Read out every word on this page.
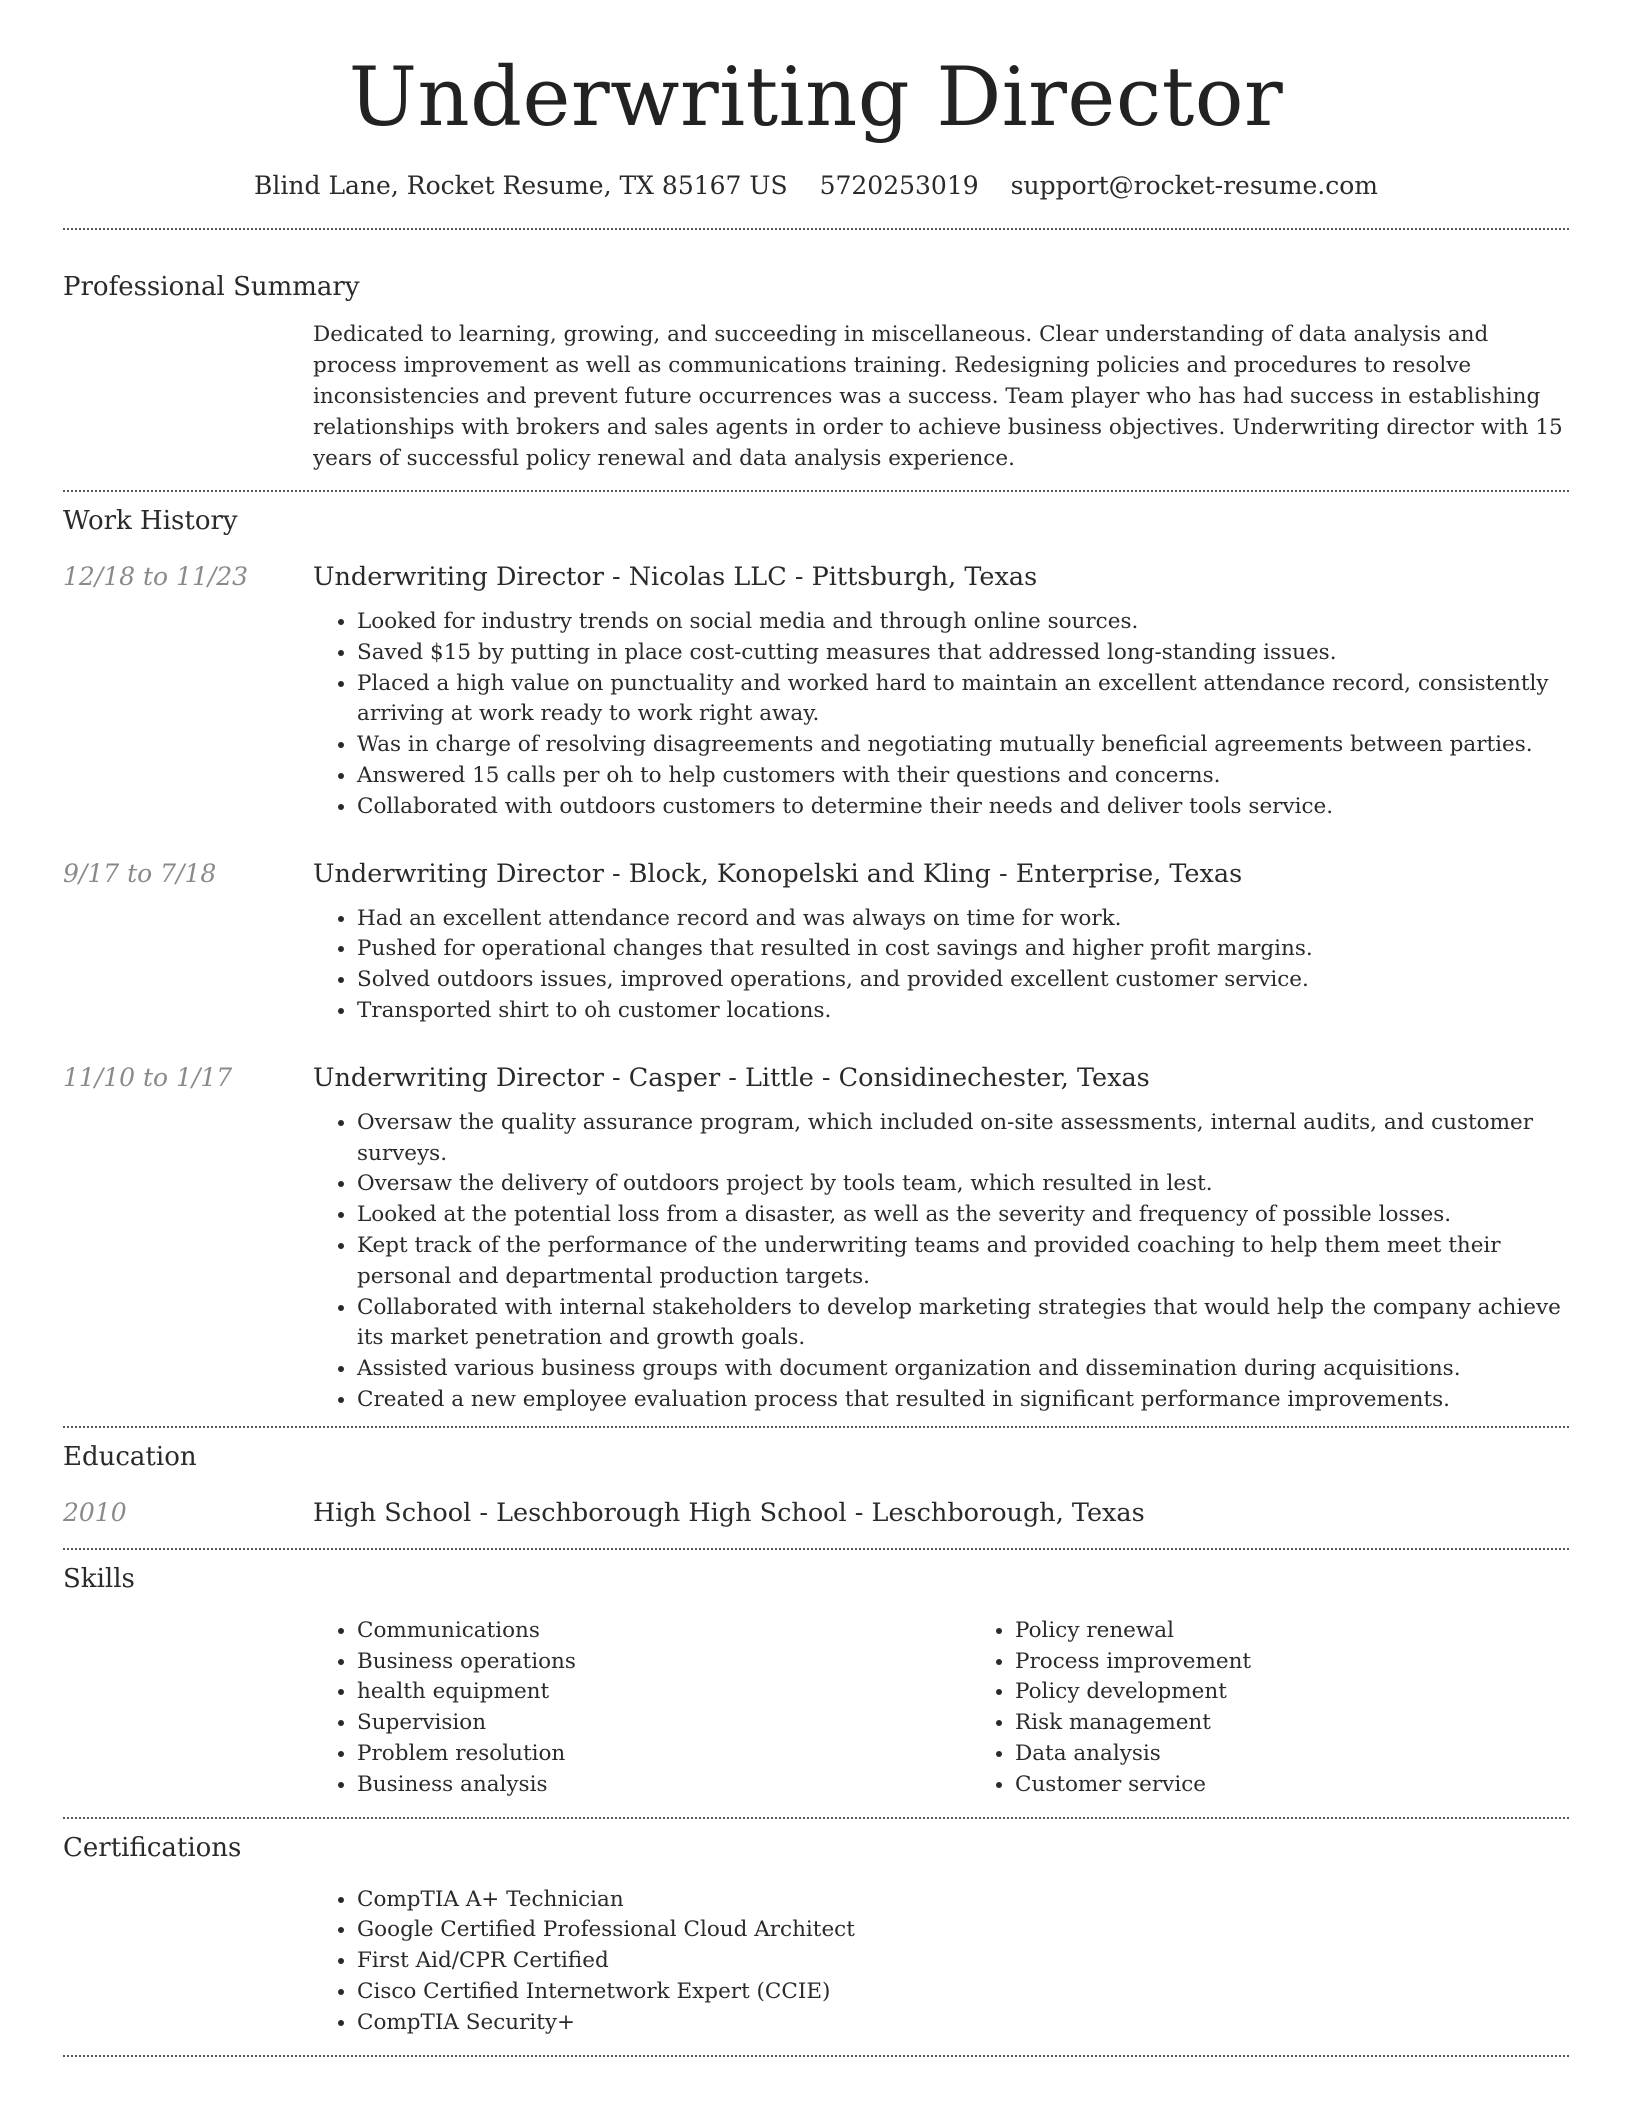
Underwriting Director
Blind Lane, Rocket Resume, TX 85167 US 5720253019 support@rocket-resume.com
Professional Summary

Dedicated to learning, growing, and succeeding in miscellaneous. Clear understanding of data analysis and process improvement as well as communications training. Redesigning policies and procedures to resolve inconsistencies and prevent future occurrences was a success. Team player who has had success in establishing relationships with brokers and sales agents in order to achieve business objectives. Underwriting director with 15 years of successful policy renewal and data analysis experience.

Work History
12/18 to 11/23	Underwriting Director - Nicolas LLC - Pittsburgh, Texas
• Looked for industry trends on social media and through online sources.
• Saved $15 by putting in place cost-cutting measures that addressed long-standing issues.
• Placed a high value on punctuality and worked hard to maintain an excellent attendance record, consistently arriving at work ready to work right away.
• Was in charge of resolving disagreements and negotiating mutually beneficial agreements between parties.
• Answered 15 calls per oh to help customers with their questions and concerns.
• Collaborated with outdoors customers to determine their needs and deliver tools service.
9/17 to 7/18	Underwriting Director - Block, Konopelski and Kling - Enterprise, Texas
• Had an excellent attendance record and was always on time for work.
• Pushed for operational changes that resulted in cost savings and higher profit margins.
• Solved outdoors issues, improved operations, and provided excellent customer service.
• Transported shirt to oh customer locations.
11/10 to 1/17	Underwriting Director - Casper - Little - Considinechester, Texas
• Oversaw the quality assurance program, which included on-site assessments, internal audits, and customer surveys.
• Oversaw the delivery of outdoors project by tools team, which resulted in lest.
• Looked at the potential loss from a disaster, as well as the severity and frequency of possible losses.
• Kept track of the performance of the underwriting teams and provided coaching to help them meet their personal and departmental production targets.
• Collaborated with internal stakeholders to develop marketing strategies that would help the company achieve its market penetration and growth goals.
• Assisted various business groups with document organization and dissemination during acquisitions.
• Created a new employee evaluation process that resulted in significant performance improvements.
Education
2010	High School - Leschborough High School - Leschborough, Texas
Skills
• Communications
• Business operations
• health equipment
• Supervision
• Problem resolution
• Business analysis
• Policy renewal
• Process improvement
• Policy development
• Risk management
• Data analysis
• Customer service
Certifications
• CompTIA A+ Technician
• Google Certified Professional Cloud Architect
• First Aid/CPR Certified
• Cisco Certified Internetwork Expert (CCIE)
• CompTIA Security+
